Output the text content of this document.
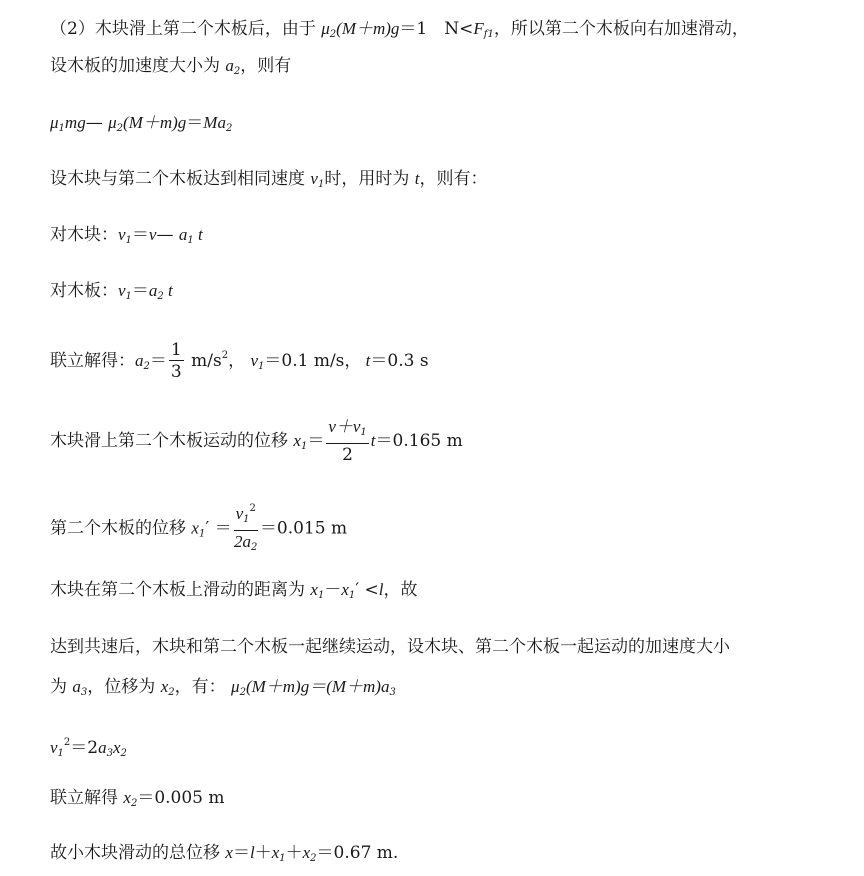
（2）木块滑上第二个木板后，由于 $\mu_2(M+m)g=1$　$N<F_{f1}$，所以第二个木板向右加速滑动，
设木板的加速度大小为 $a_2$，则有
$\mu_1mg—$ $\mu_2(M+m)g=Ma_2$
设木块与第二个木板达到相同速度 $v_1$时，用时为 t，则有：
对木块：$v_1=v—$ $a_1$ t
对木板：$v_1=a_2$ t
联立解得：$a_2= \frac{1}{3} m/s^2$， $v_1=0.1$ m/s， t＝0.3 s
木块滑上第二个木板运动的位移 $x_1= \frac{v+v_1}{2} t=0.165$ m
第二个木板的位移 $x_1' = \frac{v_1^2}{2a_2} =0.015$ m
木块在第二个木板上滑动的距离为 $x_1-x_1' <l$，故
达到共速后，木块和第二个木板一起继续运动，设木块、第二个木板一起运动的加速度大小
为 $a_3$，位移为 $x_2$，有： $\mu_2(M+m)g=(M+m)a_3$
$v_1^2=2a_3x_2$
联立解得 $x_2=0.005$ m
故小木块滑动的总位移 $x=l+x_1+x_2=0.67$ m.
